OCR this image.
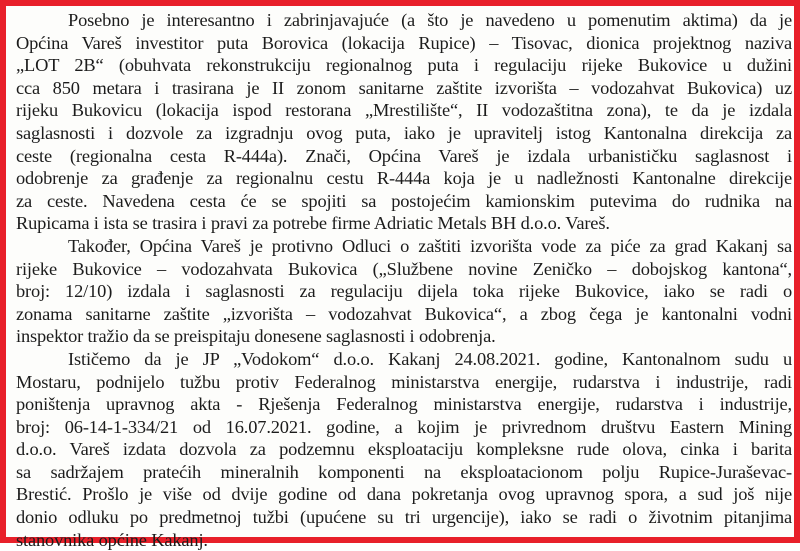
Posebno je interesantno i zabrinjavajuće (a što je navedeno u pomenutim aktima) da je
Općina Vareš investitor puta Borovica (lokacija Rupice) – Tisovac, dionica projektnog naziva
„LOT 2B“ (obuhvata rekonstrukciju regionalnog puta i regulaciju rijeke Bukovice u dužini
cca 850 metara i trasirana je II zonom sanitarne zaštite izvorišta – vodozahvat Bukovica) uz
rijeku Bukovicu (lokacija ispod restorana „Mrestilište“, II vodozaštitna zona), te da je izdala
saglasnosti i dozvole za izgradnju ovog puta, iako je upravitelj istog Kantonalna direkcija za
ceste (regionalna cesta R-444a). Znači, Općina Vareš je izdala urbanističku saglasnost i
odobrenje za građenje za regionalnu cestu R-444a koja je u nadležnosti Kantonalne direkcije
za ceste. Navedena cesta će se spojiti sa postojećim kamionskim putevima do rudnika na
Rupicama i ista se trasira i pravi za potrebe firme Adriatic Metals BH d.o.o. Vareš.
Također, Općina Vareš je protivno Odluci o zaštiti izvorišta vode za piće za grad Kakanj sa
rijeke Bukovice – vodozahvata Bukovica („Službene novine Zeničko – dobojskog kantona“,
broj: 12/10) izdala i saglasnosti za regulaciju dijela toka rijeke Bukovice, iako se radi o
zonama sanitarne zaštite „izvorišta – vodozahvat Bukovica“, a zbog čega je kantonalni vodni
inspektor tražio da se preispitaju donesene saglasnosti i odobrenja.
Ističemo da je JP „Vodokom“ d.o.o. Kakanj 24.08.2021. godine, Kantonalnom sudu u
Mostaru, podnijelo tužbu protiv Federalnog ministarstva energije, rudarstva i industrije, radi
poništenja upravnog akta - Rješenja Federalnog ministarstva energije, rudarstva i industrije,
broj: 06-14-1-334/21 od 16.07.2021. godine, a kojim je privrednom društvu Eastern Mining
d.o.o. Vareš izdata dozvola za podzemnu eksploataciju kompleksne rude olova, cinka i barita
sa sadržajem pratećih mineralnih komponenti na eksploatacionom polju Rupice-Juraševac-
Brestić. Prošlo je više od dvije godine od dana pokretanja ovog upravnog spora, a sud još nije
donio odluku po predmetnoj tužbi (upućene su tri urgencije), iako se radi o životnim pitanjima
stanovnika općine Kakanj.
